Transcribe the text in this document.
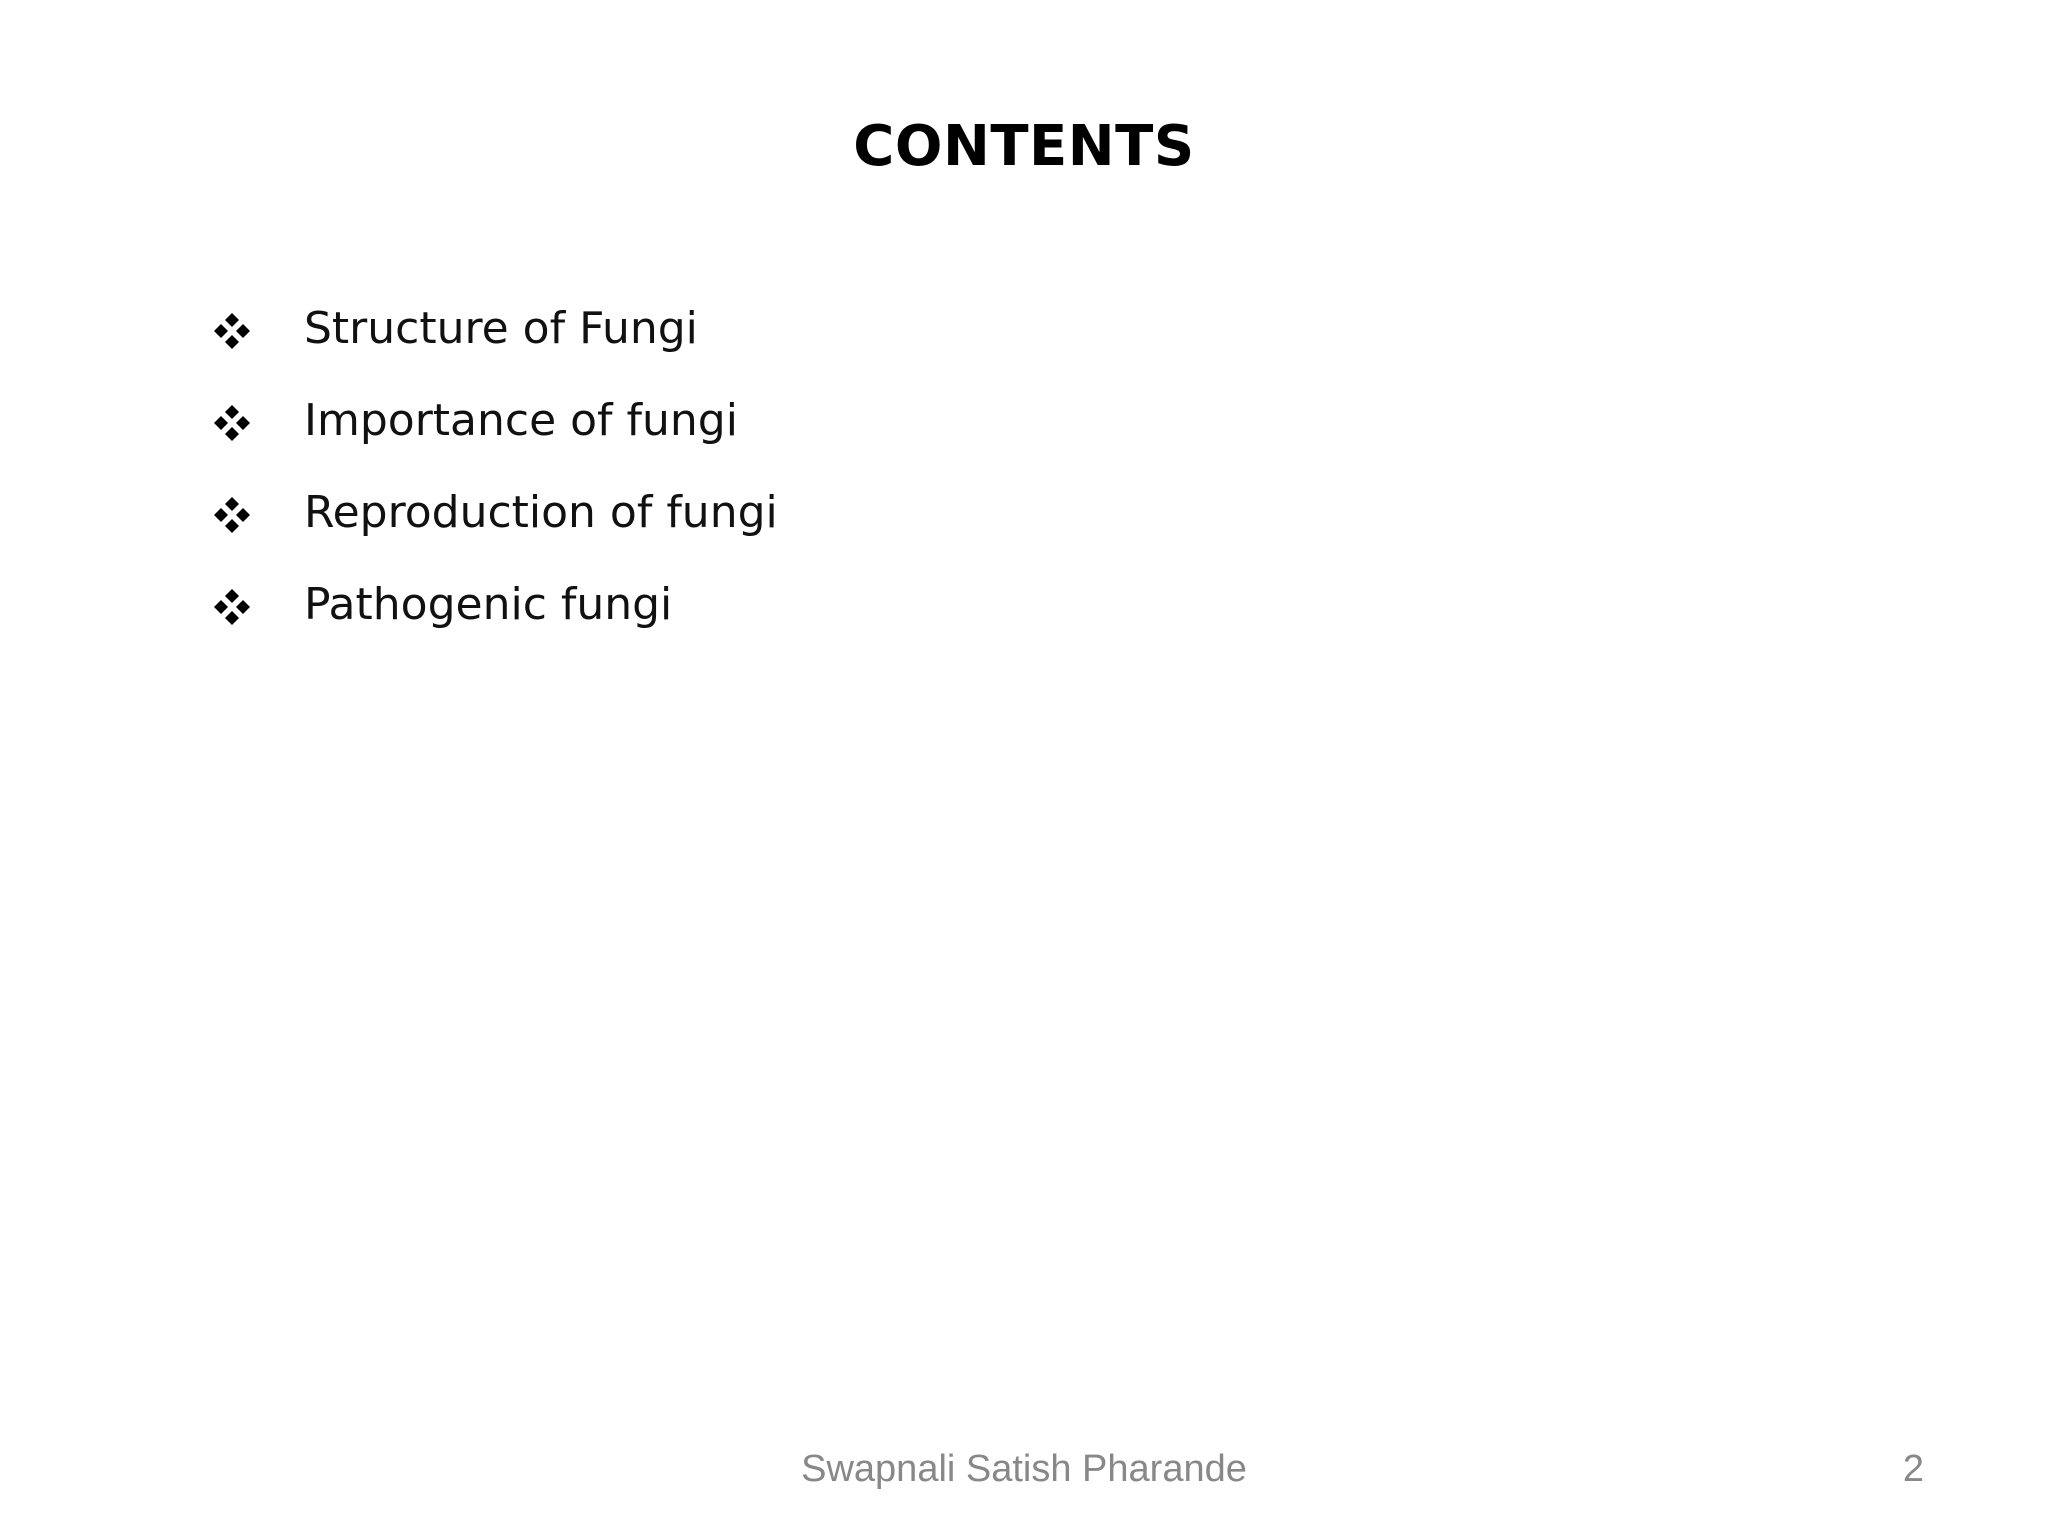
CONTENTS
Structure of Fungi
Importance of fungi
Reproduction of fungi
Pathogenic fungi
Swapnali Satish Pharande	2
